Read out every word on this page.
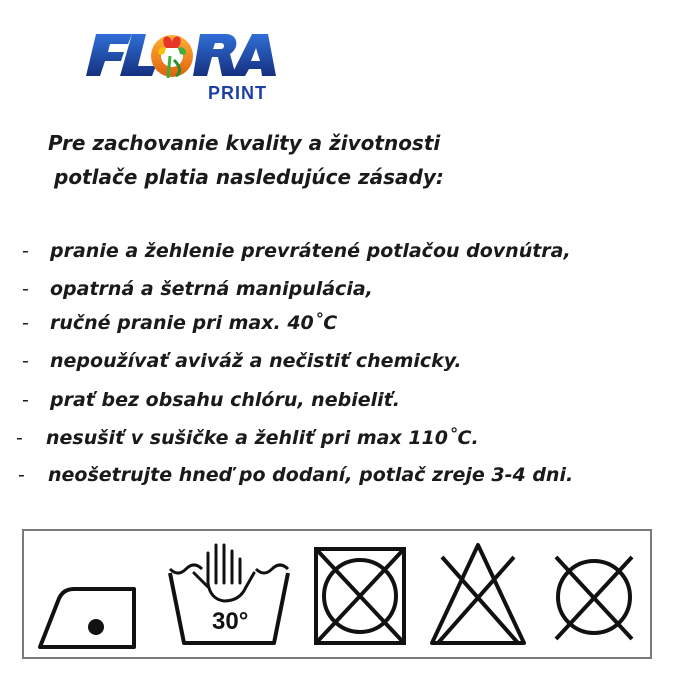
PRINT
Pre zachovanie kvality a životnosti
potlače platia nasledujúce zásady:
- pranie a žehlenie prevrátené potlačou dovnútra,
- opatrná a šetrná manipulácia,
- ručné pranie pri max. 40˚C
- nepoužívať aviváž a nečistiť chemicky.
- prať bez obsahu chlóru, nebieliť.
- nesušiť v sušičke a žehliť pri max 110˚C.
- neošetrujte hneď po dodaní, potlač zreje 3-4 dni.
30°
